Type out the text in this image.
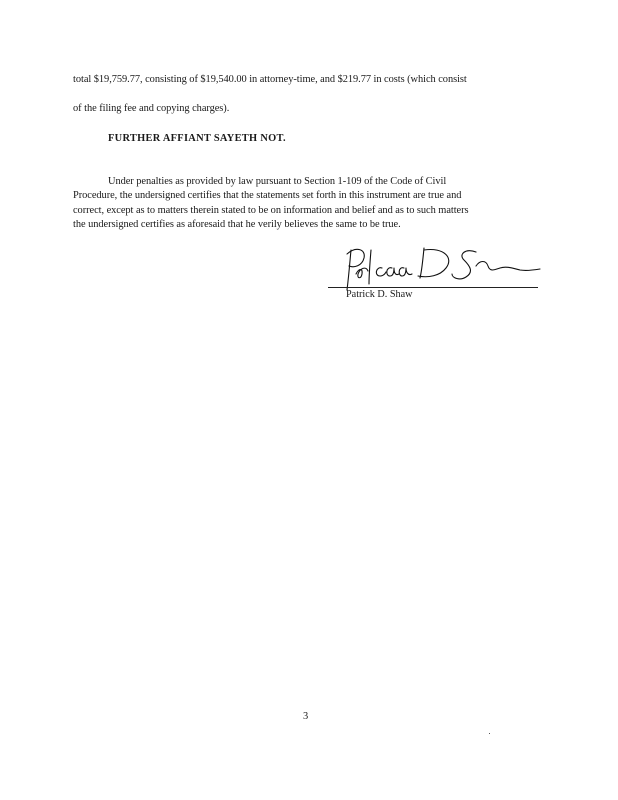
total $19,759.77, consisting of $19,540.00 in attorney-time, and $219.77 in costs (which consist
of the filing fee and copying charges).
FURTHER AFFIANT SAYETH NOT.
Under penalties as provided by law pursuant to Section 1-109 of the Code of Civil
Procedure, the undersigned certifies that the statements set forth in this instrument are true and
correct, except as to matters therein stated to be on information and belief and as to such matters
the undersigned certifies as aforesaid that he verily believes the same to be true.
Patrick D. Shaw
3
